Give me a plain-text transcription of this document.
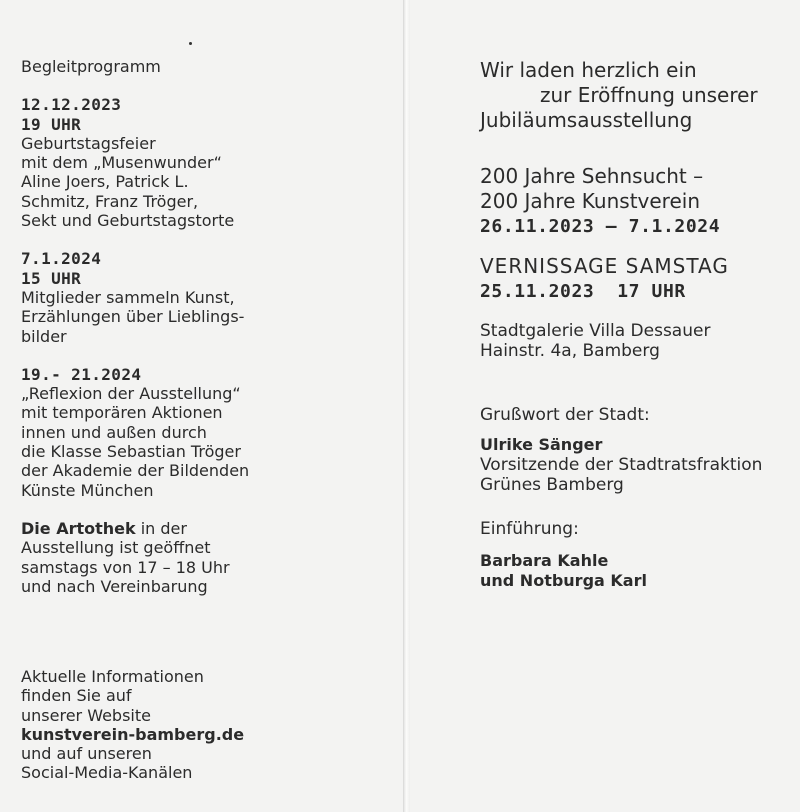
Begleitprogramm
12.12.2023
19 UHR
Geburtstagsfeier
mit dem „Musenwunder“
Aline Joers, Patrick L.
Schmitz, Franz Tröger,
Sekt und Geburtstagstorte
7.1.2024
15 UHR
Mitglieder sammeln Kunst,
Erzählungen über Lieblings-
bilder
19.- 21.2024
„Reflexion der Ausstellung“
mit temporären Aktionen
innen und außen durch
die Klasse Sebastian Tröger
der Akademie der Bildenden
Künste München
Die Artothek in der
Ausstellung ist geöffnet
samstags von 17 – 18 Uhr
und nach Vereinbarung
Aktuelle Informationen
finden Sie auf
unserer Website
kunstverein-bamberg.de
und auf unseren
Social-Media-Kanälen
Wir laden herzlich ein
zur Eröffnung unserer
Jubiläumsausstellung
200 Jahre Sehnsucht –
200 Jahre Kunstverein
26.11.2023 – 7.1.2024
VERNISSAGE SAMSTAG
25.11.2023  17 UHR
Stadtgalerie Villa Dessauer
Hainstr. 4a, Bamberg
Grußwort der Stadt:
Ulrike Sänger
Vorsitzende der Stadtratsfraktion
Grünes Bamberg
Einführung:
Barbara Kahle
und Notburga Karl
